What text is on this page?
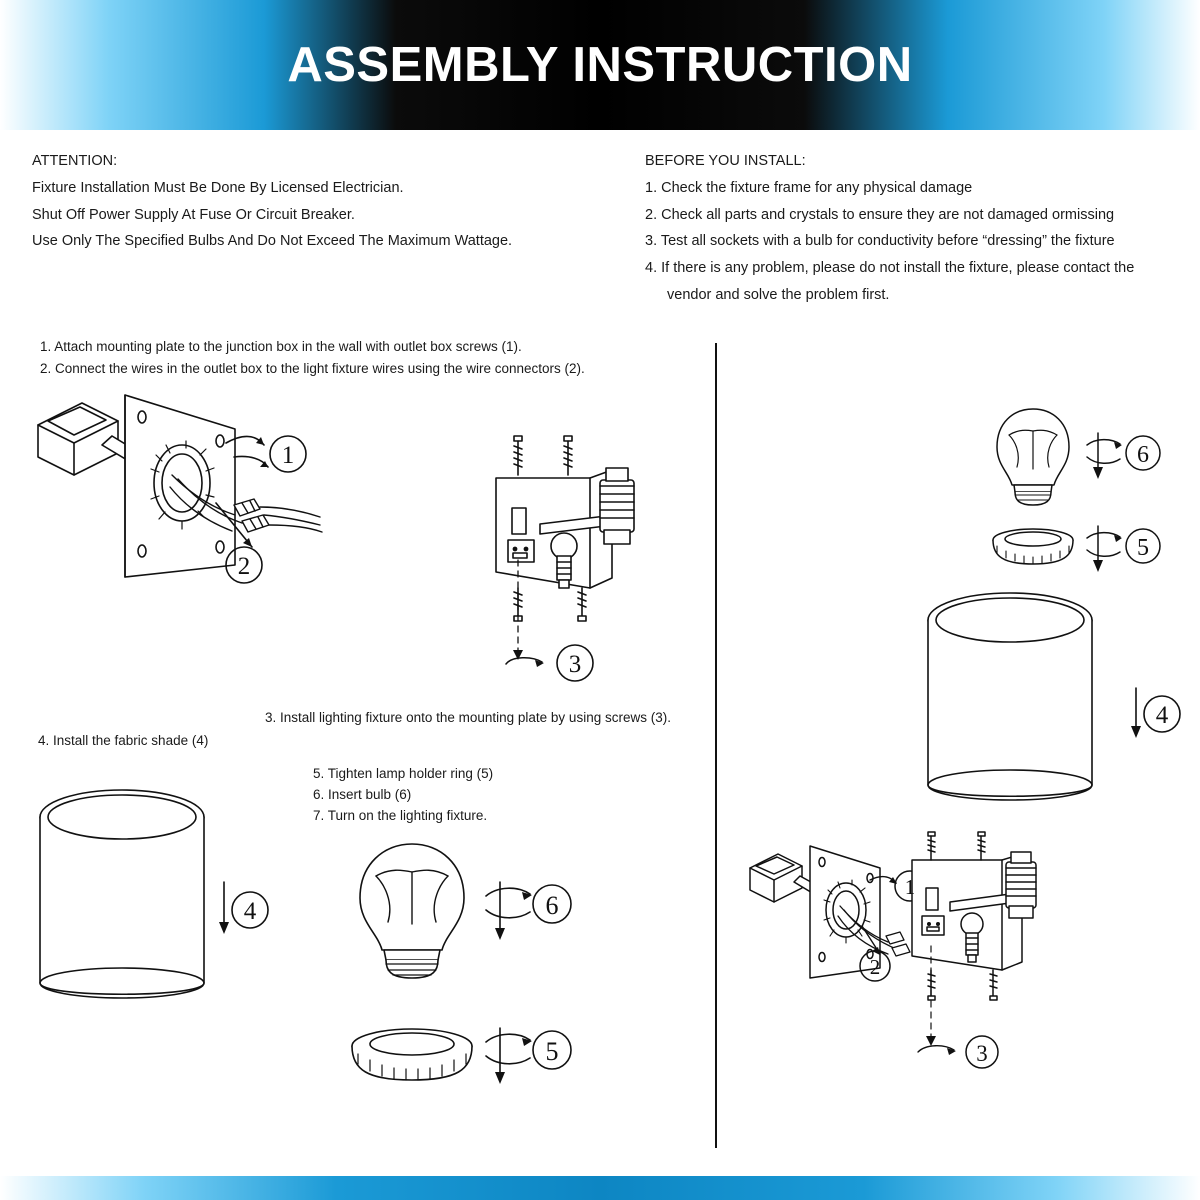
ASSEMBLY INSTRUCTION
ATTENTION:
Fixture Installation Must Be Done By Licensed Electrician.
Shut Off Power Supply At Fuse Or Circuit Breaker.
Use Only The Specified Bulbs And Do Not Exceed The Maximum Wattage.
BEFORE YOU INSTALL:
1. Check the fixture frame for any physical damage
2. Check all parts and crystals to ensure they are not damaged ormissing
3. Test all sockets with a bulb for conductivity before “dressing” the fixture
4. If there is any problem, please do not install the fixture, please contact the
vendor and solve the problem first.
1. Attach mounting plate to the junction box in the wall with outlet box screws (1).
2. Connect the wires in the outlet box to the light fixture wires using the wire connectors (2).
3. Install lighting fixture onto the mounting plate by using screws (3).
4. Install the fabric shade (4)
5. Tighten lamp holder ring (5)
6. Insert bulb (6)
7. Turn on the lighting fixture.
1
2
3
4	6
5
6
5
4
1
2
3
